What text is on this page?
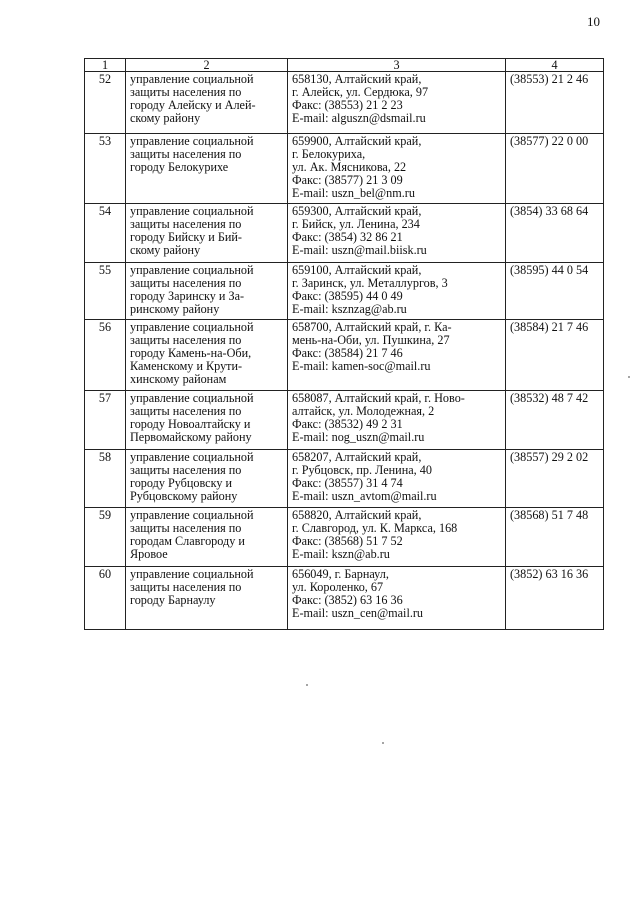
10
1	2	3	4
52	управление социальной
защиты населения по
городу Алейску и Алей-
скому району	658130, Алтайский край,
г. Алейск, ул. Сердюка, 97
Факс: (38553) 21 2 23
E-mail: alguszn@dsmail.ru	(38553) 21 2 46
53	управление социальной
защиты населения по
городу Белокурихе	659900, Алтайский край,
г. Белокуриха,
ул. Ак. Мясникова, 22
Факс: (38577) 21 3 09
E-mail: uszn_bel@nm.ru	(38577) 22 0 00
54	управление социальной
защиты населения по
городу Бийску и Бий-
скому району	659300, Алтайский край,
г. Бийск, ул. Ленина, 234
Факс: (3854) 32 86 21
E-mail: uszn@mail.biisk.ru	(3854) 33 68 64
55	управление социальной
защиты населения по
городу Заринску и За-
ринскому району	659100, Алтайский край,
г. Заринск, ул. Металлургов, 3
Факс: (38595) 44 0 49
E-mail: ksznzag@ab.ru	(38595) 44 0 54
56	управление социальной
защиты населения по
городу Камень-на-Оби,
Каменскому и Крути-
хинскому районам	658700, Алтайский край, г. Ка-
мень-на-Оби, ул. Пушкина, 27
Факс: (38584) 21 7 46
E-mail: kamen-soc@mail.ru	(38584) 21 7 46
57	управление социальной
защиты населения по
городу Новоалтайску и
Первомайскому району	658087, Алтайский край, г. Ново-
алтайск, ул. Молодежная, 2
Факс: (38532) 49 2 31
E-mail: nog_uszn@mail.ru	(38532) 48 7 42
58	управление социальной
защиты населения по
городу Рубцовску и
Рубцовскому району	658207, Алтайский край,
г. Рубцовск, пр. Ленина, 40
Факс: (38557) 31 4 74
E-mail: uszn_avtom@mail.ru	(38557) 29 2 02
59	управление социальной
защиты населения по
городам Славгороду и
Яровое	658820, Алтайский край,
г. Славгород, ул. К. Маркса, 168
Факс: (38568) 51 7 52
E-mail: kszn@ab.ru	(38568) 51 7 48
60	управление социальной
защиты населения по
городу Барнаулу	656049, г. Барнаул,
ул. Короленко, 67
Факс: (3852) 63 16 36
E-mail: uszn_cen@mail.ru	(3852) 63 16 36
